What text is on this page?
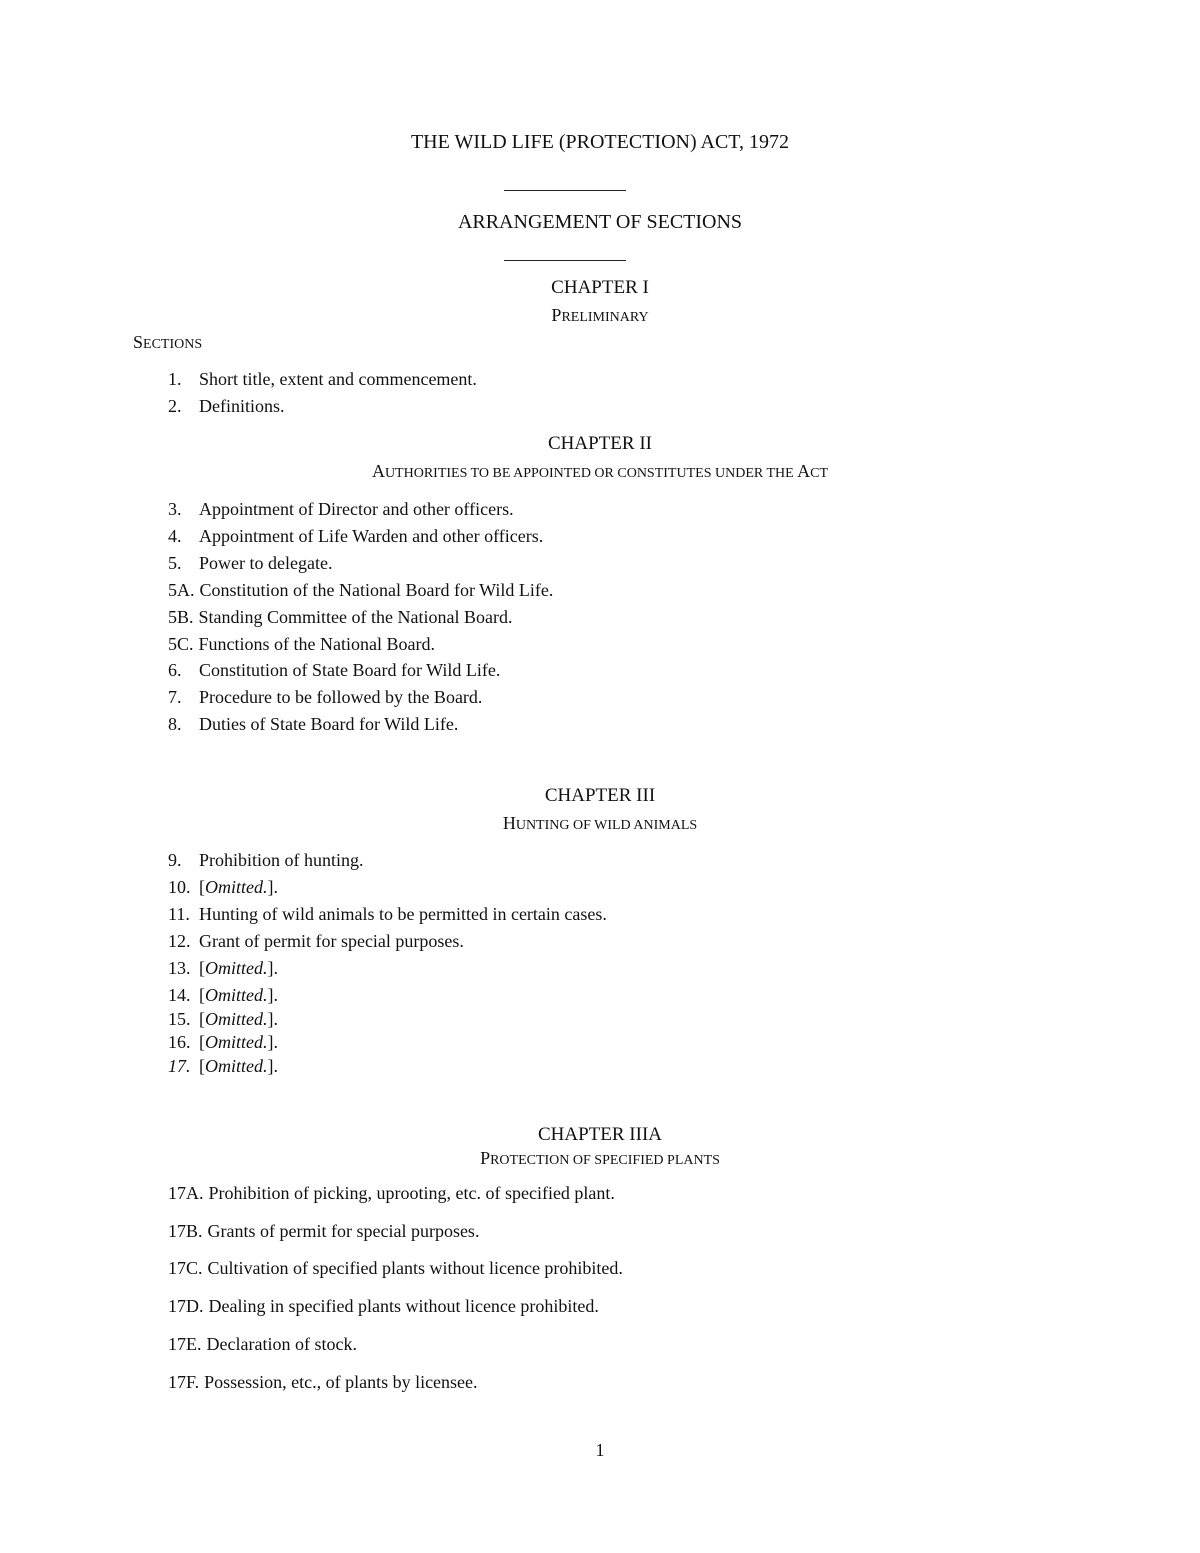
THE WILD LIFE (PROTECTION) ACT, 1972
ARRANGEMENT OF SECTIONS
CHAPTER I
PRELIMINARY
SECTIONS
1. Short title, extent and commencement.
2. Definitions.
CHAPTER II
AUTHORITIES TO BE APPOINTED OR CONSTITUTES UNDER THE ACT
3. Appointment of Director and other officers.
4. Appointment of Life Warden and other officers.
5. Power to delegate.
5A. Constitution of the National Board for Wild Life.
5B. Standing Committee of the National Board.
5C. Functions of the National Board.
6. Constitution of State Board for Wild Life.
7. Procedure to be followed by the Board.
8. Duties of State Board for Wild Life.
CHAPTER III
HUNTING OF WILD ANIMALS
9. Prohibition of hunting.
10. [Omitted.].
11. Hunting of wild animals to be permitted in certain cases.
12. Grant of permit for special purposes.
13. [Omitted.].
14. [Omitted.].
15. [Omitted.].
16. [Omitted.].
17. [Omitted.].
CHAPTER IIIA
PROTECTION OF SPECIFIED PLANTS
17A. Prohibition of picking, uprooting, etc. of specified plant.
17B. Grants of permit for special purposes.
17C. Cultivation of specified plants without licence prohibited.
17D. Dealing in specified plants without licence prohibited.
17E. Declaration of stock.
17F. Possession, etc., of plants by licensee.
1
